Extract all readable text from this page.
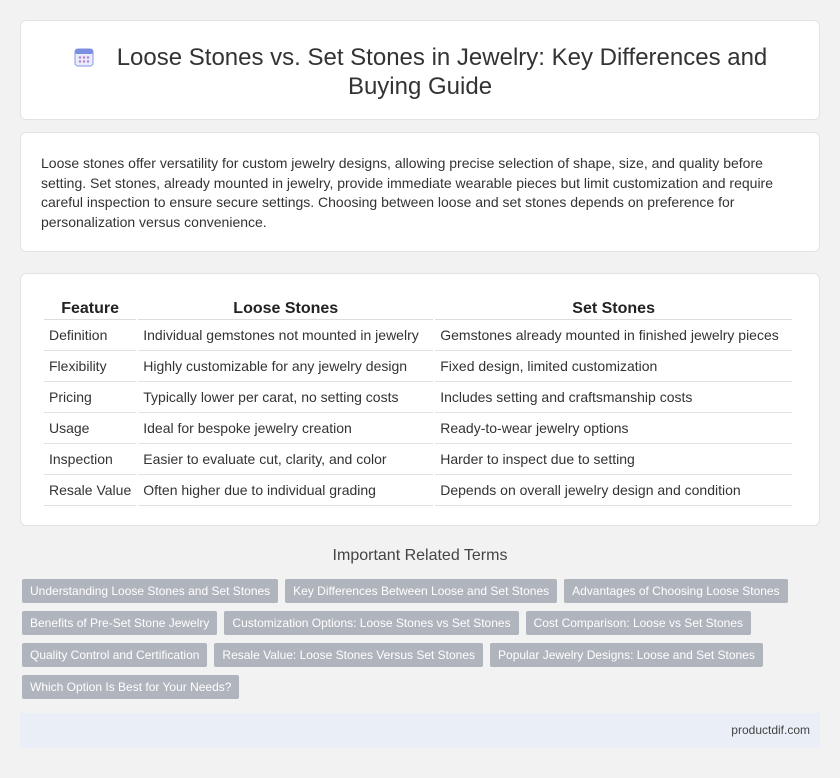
Loose Stones vs. Set Stones in Jewelry: Key Differences and Buying Guide

Loose stones offer versatility for custom jewelry designs, allowing precise selection of shape, size, and quality before setting. Set stones, already mounted in jewelry, provide immediate wearable pieces but limit customization and require careful inspection to ensure secure settings. Choosing between loose and set stones depends on preference for personalization versus convenience.

Feature	Loose Stones	Set Stones
Definition	Individual gemstones not mounted in jewelry	Gemstones already mounted in finished jewelry pieces
Flexibility	Highly customizable for any jewelry design	Fixed design, limited customization
Pricing	Typically lower per carat, no setting costs	Includes setting and craftsmanship costs
Usage	Ideal for bespoke jewelry creation	Ready-to-wear jewelry options
Inspection	Easier to evaluate cut, clarity, and color	Harder to inspect due to setting
Resale Value	Often higher due to individual grading	Depends on overall jewelry design and condition
Important Related Terms
Understanding Loose Stones and Set Stones	Key Differences Between Loose and Set Stones	Advantages of Choosing Loose Stones
Benefits of Pre-Set Stone Jewelry	Customization Options: Loose Stones vs Set Stones	Cost Comparison: Loose vs Set Stones
Quality Control and Certification	Resale Value: Loose Stones Versus Set Stones	Popular Jewelry Designs: Loose and Set Stones
Which Option Is Best for Your Needs?
productdif.com
